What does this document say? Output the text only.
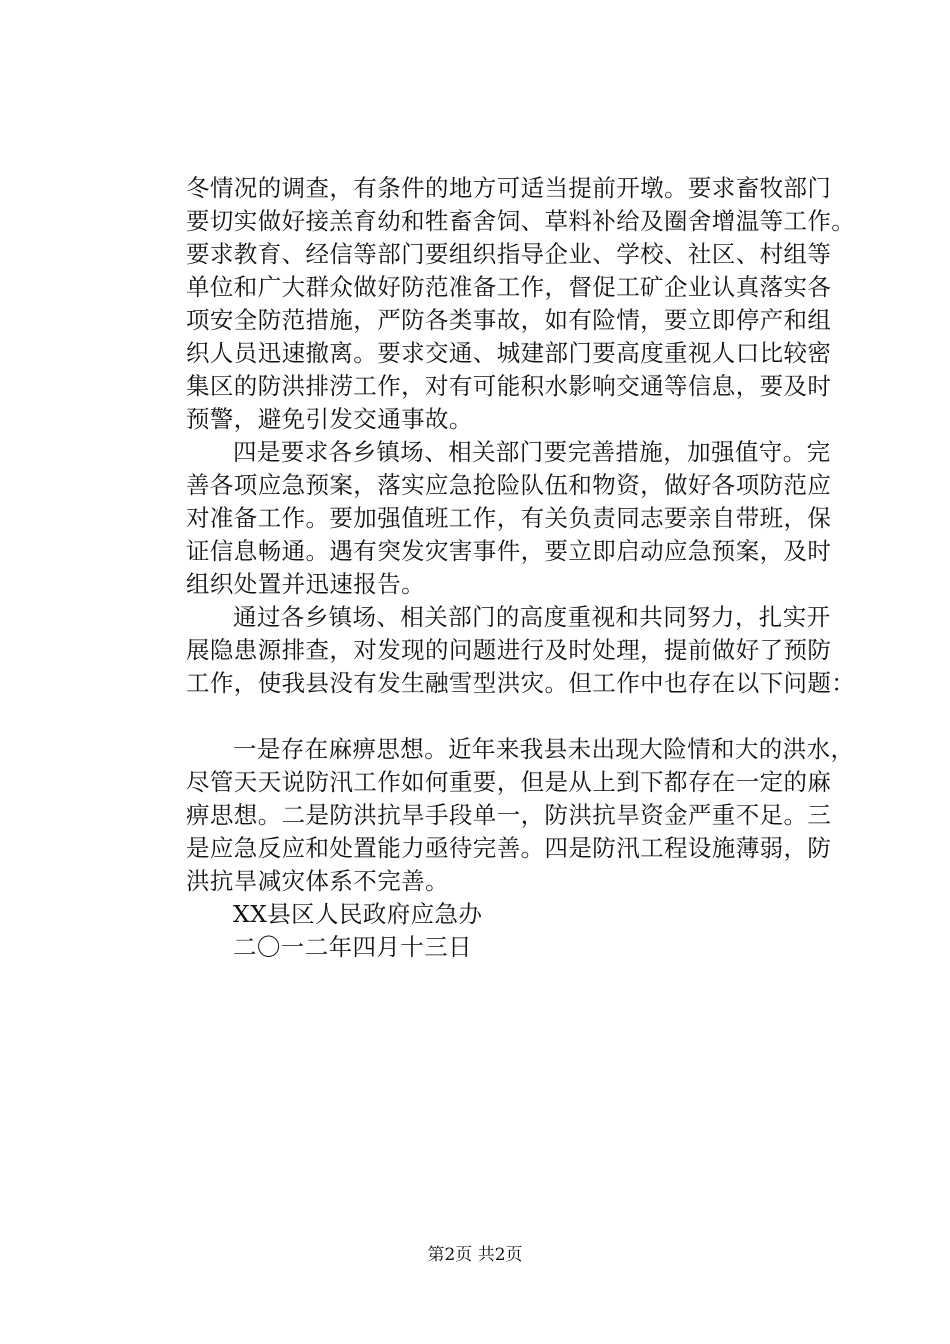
冬情况的调查，有条件的地方可适当提前开墩。要求畜牧部门
要切实做好接羔育幼和牲畜舍饲、草料补给及圈舍增温等工作。
要求教育、经信等部门要组织指导企业、学校、社区、村组等
单位和广大群众做好防范准备工作，督促工矿企业认真落实各
项安全防范措施，严防各类事故，如有险情，要立即停产和组
织人员迅速撤离。要求交通、城建部门要高度重视人口比较密
集区的防洪排涝工作，对有可能积水影响交通等信息，要及时
预警，避免引发交通事故。
四是要求各乡镇场、相关部门要完善措施，加强值守。完
善各项应急预案，落实应急抢险队伍和物资，做好各项防范应
对准备工作。要加强值班工作，有关负责同志要亲自带班，保
证信息畅通。遇有突发灾害事件，要立即启动应急预案，及时
组织处置并迅速报告。
通过各乡镇场、相关部门的高度重视和共同努力，扎实开
展隐患源排查，对发现的问题进行及时处理，提前做好了预防
工作，使我县没有发生融雪型洪灾。但工作中也存在以下问题：
一是存在麻痹思想。近年来我县未出现大险情和大的洪水，
尽管天天说防汛工作如何重要，但是从上到下都存在一定的麻
痹思想。二是防洪抗旱手段单一，防洪抗旱资金严重不足。三
是应急反应和处置能力亟待完善。四是防汛工程设施薄弱，防
洪抗旱减灾体系不完善。
XX县区人民政府应急办
二〇一二年四月十三日
第2页 共2页
